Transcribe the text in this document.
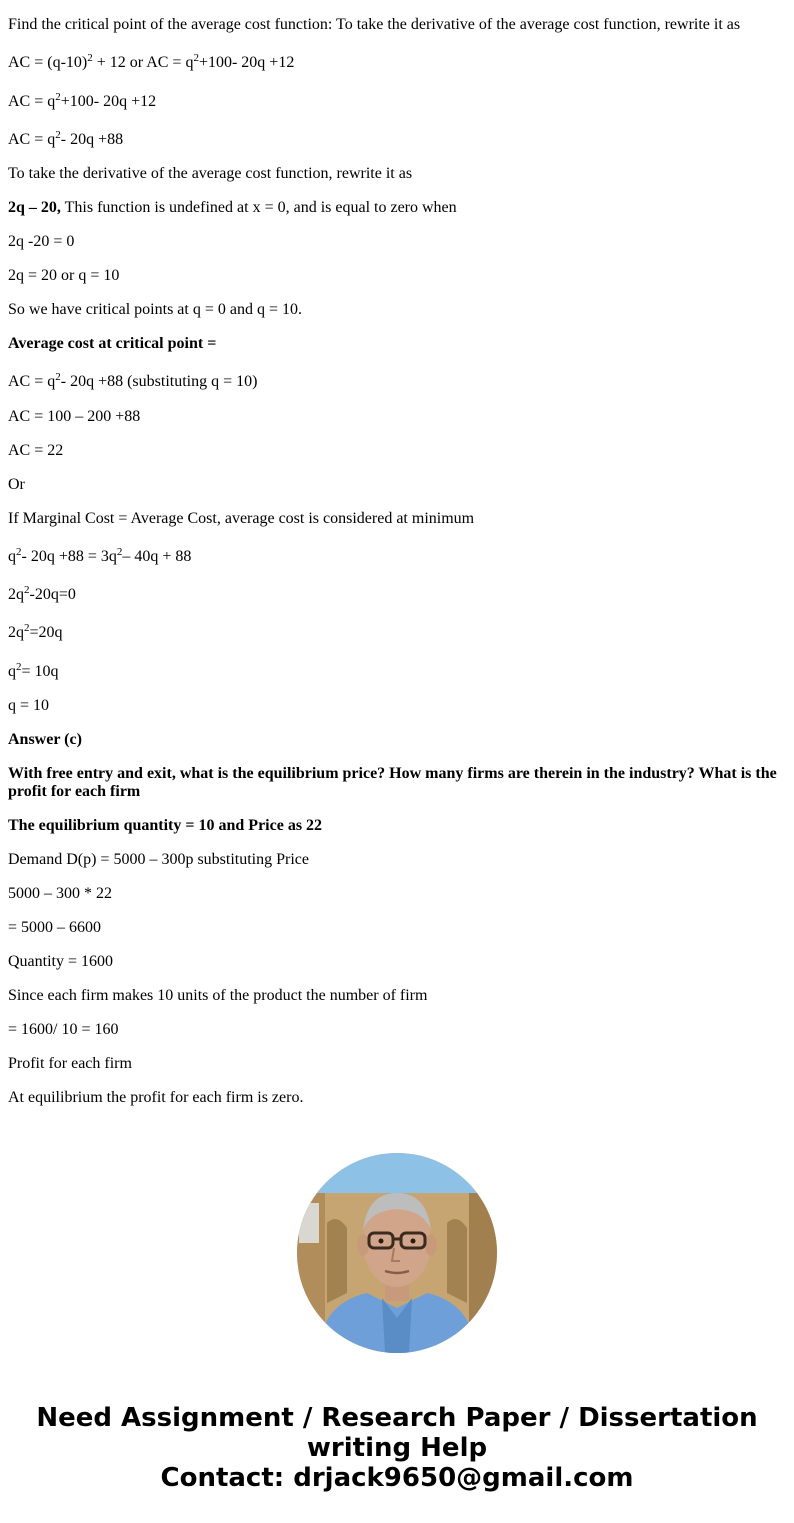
Find the critical point of the average cost function: To take the derivative of the average cost function, rewrite it as

AC = $(q-10)^2 + 12$ or AC = $q^2+100-$ 20q +12

AC = $q^2+100-$ 20q +12

AC = $q^2-$ 20q +88

To take the derivative of the average cost function, rewrite it as

2q – 20, This function is undefined at x = 0, and is equal to zero when

2q -20 = 0

2q = 20 or q = 10

So we have critical points at q = 0 and q = 10.

Average cost at critical point =

AC = $q^2-$ 20q +88 (substituting q = 10)

AC = 100 – 200 +88

AC = 22

Or

If Marginal Cost = Average Cost, average cost is considered at minimum

$q^2-$ $20q +88 = 3q^2-$ 40q + 88

$2q^2-20q=0$

$2q^2=20q$

$q^2= 10q$

q = 10

Answer (c)

With free entry and exit, what is the equilibrium price? How many firms are therein in the industry? What is the profit for each firm

The equilibrium quantity = 10 and Price as 22

Demand D(p) = 5000 – 300p substituting Price

5000 – 300 * 22

= 5000 – 6600

Quantity = 1600

Since each firm makes 10 units of the product the number of firm

= 1600/ 10 = 160

Profit for each firm

At equilibrium the profit for each firm is zero.

Need Assignment / Research Paper / Dissertation
writing Help
Contact: drjack9650@gmail.com
